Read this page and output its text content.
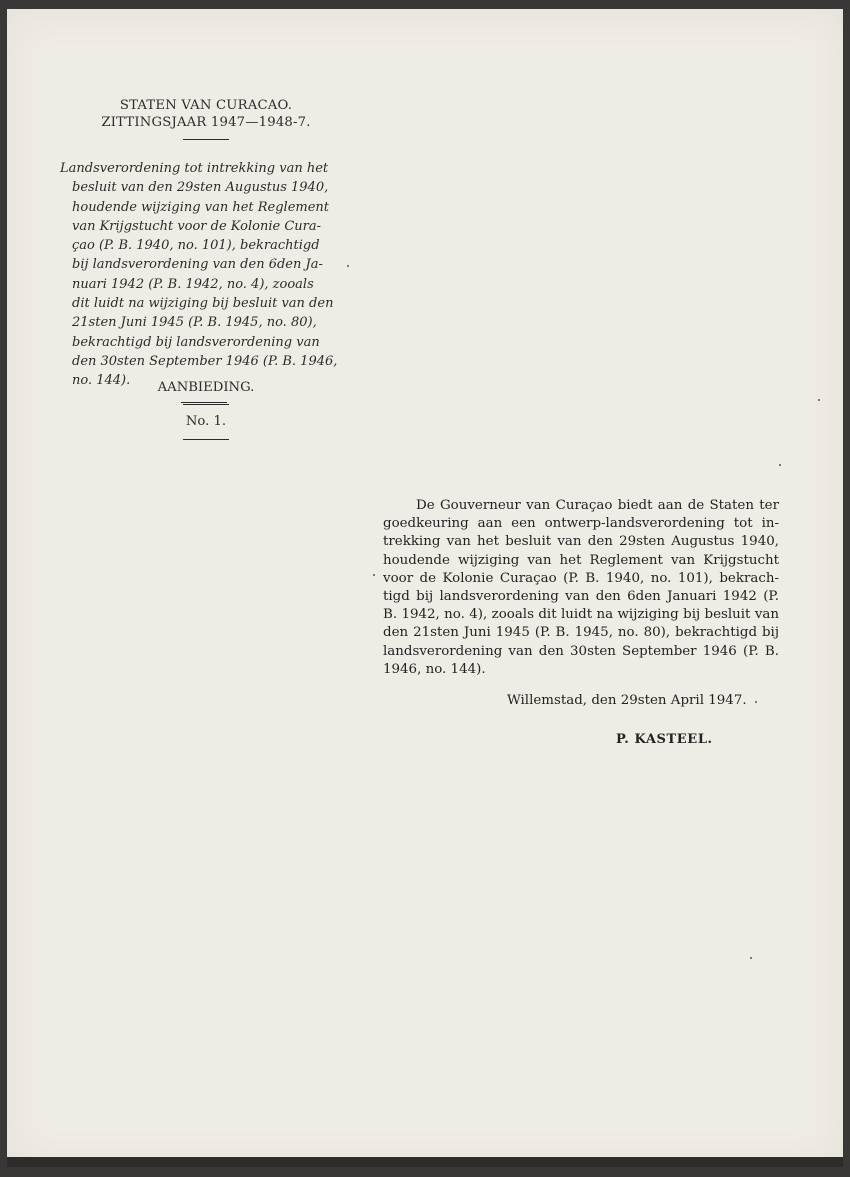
STATEN VAN CURACAO.
ZITTINGSJAAR 1947—1948-7.
Landsverordening tot intrekking van het
besluit van den 29sten Augustus 1940,
houdende wijziging van het Reglement
van Krijgstucht voor de Kolonie Cura-
çao (P. B. 1940, no. 101), bekrachtigd
bij landsverordening van den 6den Ja-
nuari 1942 (P. B. 1942, no. 4), zooals
dit luidt na wijziging bij besluit van den
21sten Juni 1945 (P. B. 1945, no. 80),
bekrachtigd bij landsverordening van
den 30sten September 1946 (P. B. 1946,
no. 144).	AANBIEDING.
No. 1.
De Gouverneur van Curaçao biedt aan de Staten ter
goedkeuring aan een ontwerp-landsverordening tot in-
trekking van het besluit van den 29sten Augustus 1940,
houdende wijziging van het Reglement van Krijgstucht
voor de Kolonie Curaçao (P. B. 1940, no. 101), bekrach-
tigd bij landsverordening van den 6den Januari 1942 (P.
B. 1942, no. 4), zooals dit luidt na wijziging bij besluit van
den 21sten Juni 1945 (P. B. 1945, no. 80), bekrachtigd bij
landsverordening van den 30sten September 1946 (P. B.
1946, no. 144).
Willemstad, den 29sten April 1947.
P. KASTEEL.
